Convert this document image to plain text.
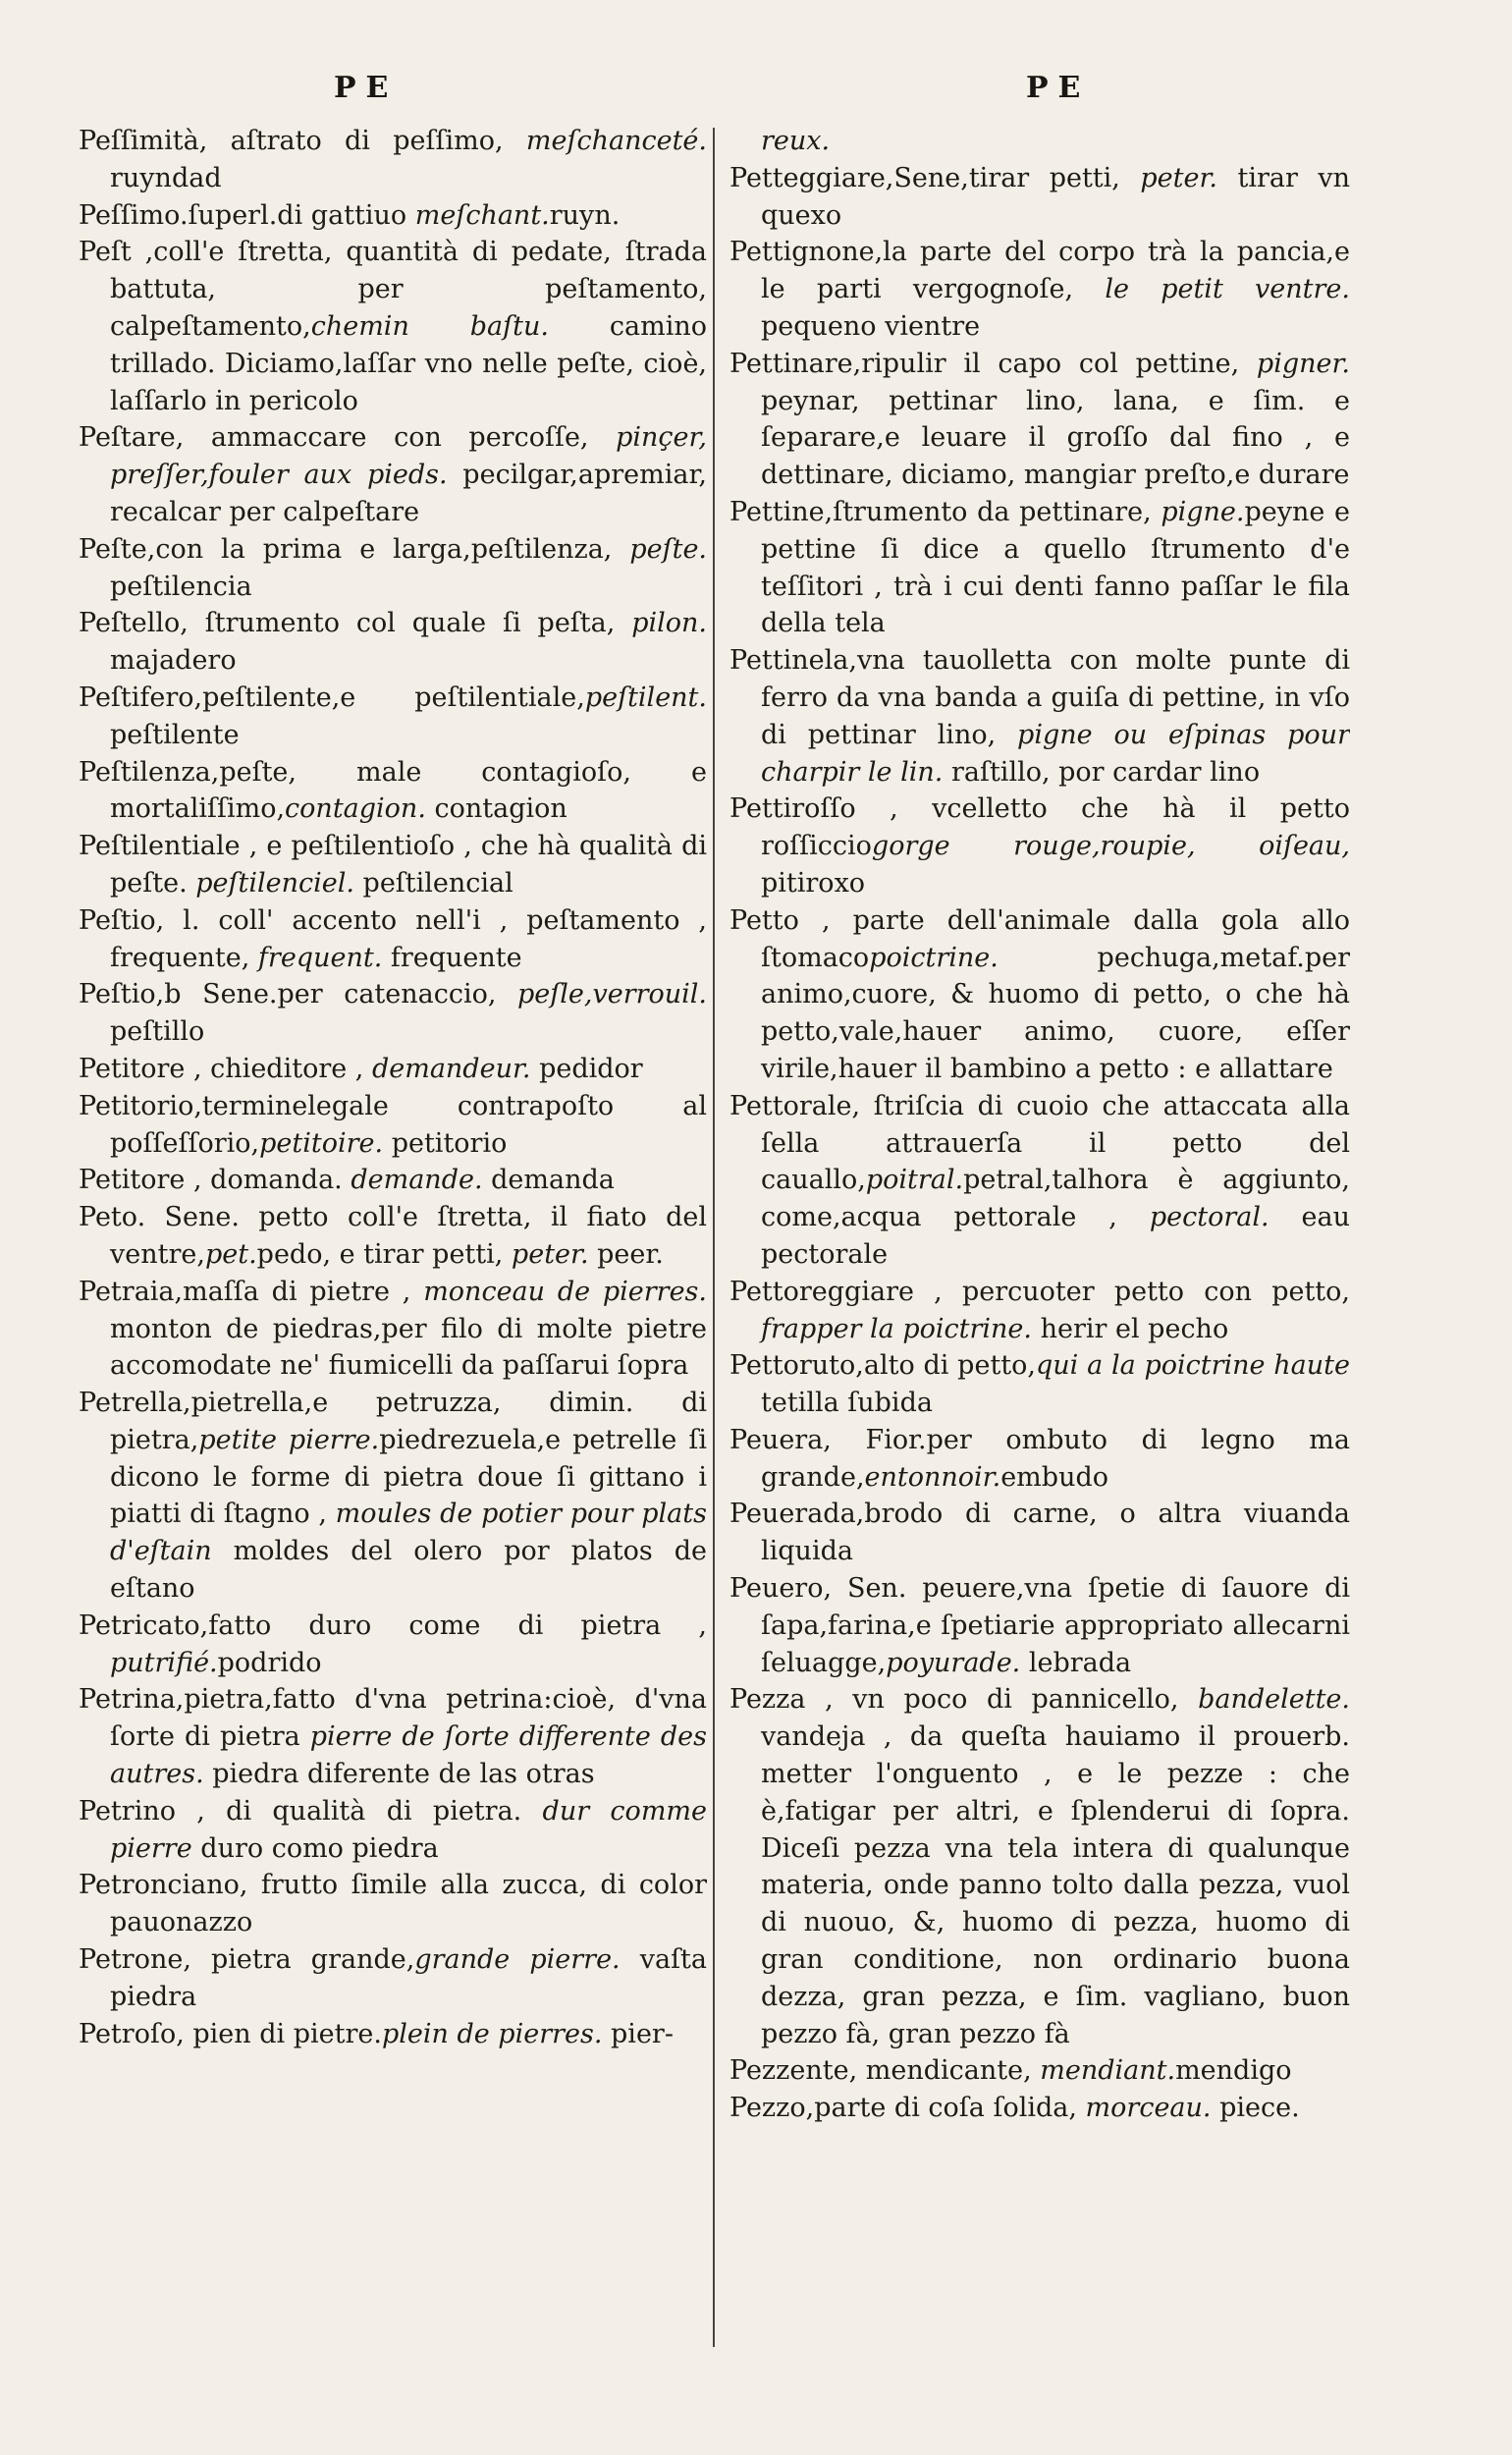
PE	PE

Peſſimità, aſtrato di peſſimo, meſchanceté. ruyndad

Peſſimo.ſuperl.di gattiuo meſchant.ruyn.

Peſt ,coll'e ſtretta, quantità di pedate, ſtrada battuta, per peſtamento, calpeſtamento,chemin baſtu. camino trillado. Diciamo,laſſar vno nelle peſte, cioè, laſſarlo in pericolo

Peſtare, ammaccare con percoſſe, pinçer, preſſer,fouler aux pieds. pecilgar,apremiar, recalcar per calpeſtare

Peſte,con la prima e larga,peſtilenza, peſte. peſtilencia

Peſtello, ſtrumento col quale ſi peſta, pilon. majadero

Peſtifero,peſtilente,e peſtilentiale,peſtilent. peſtilente

Peſtilenza,peſte, male contagioſo, e mortaliſſimo,contagion. contagion

Peſtilentiale , e peſtilentioſo , che hà qualità di peſte. peſtilenciel. peſtilencial

Peſtio, l. coll' accento nell'i , peſtamento , frequente, frequent. frequente

Peſtio,b Sene.per catenaccio, peſle,verrouil. peſtillo

Petitore , chieditore , demandeur. pedidor

Petitorio,terminelegale contrapoſto al poſſeſſorio,petitoire. petitorio

Petitore , domanda. demande. demanda

Peto. Sene. petto coll'e ſtretta, il fiato del ventre,pet.pedo, e tirar petti, peter. peer.

Petraia,maſſa di pietre , monceau de pierres. monton de piedras,per filo di molte pietre accomodate ne' fiumicelli da paſſarui ſopra

Petrella,pietrella,e petruzza, dimin. di pietra,petite pierre.piedrezuela,e petrelle ſi dicono le forme di pietra doue ſi gittano i piatti di ſtagno , moules de potier pour plats d'eſtain moldes del olero por platos de eſtano

Petricato,fatto duro come di pietra , putrifié.podrido

Petrina,pietra,fatto d'vna petrina:cioè, d'vna ſorte di pietra pierre de ſorte differente des autres. piedra diferente de las otras

Petrino , di qualità di pietra. dur comme pierre duro como piedra

Petronciano, frutto ſimile alla zucca, di color pauonazzo

Petrone, pietra grande,grande pierre. vaſta piedra

Petroſo, pien di pietre.plein de pierres. pier-

reux.

Petteggiare,Sene,tirar petti, peter. tirar vn quexo

Pettignone,la parte del corpo trà la pancia,e le parti vergognoſe, le petit ventre. pequeno vientre

Pettinare,ripulir il capo col pettine, pigner. peynar, pettinar lino, lana, e ſim. e ſeparare,e leuare il groſſo dal fino , e dettinare, diciamo, mangiar preſto,e durare

Pettine,ſtrumento da pettinare, pigne.peyne e pettine ſi dice a quello ſtrumento d'e teſſitori , trà i cui denti fanno paſſar le fila della tela

Pettinela,vna tauolletta con molte punte di ferro da vna banda a guiſa di pettine, in vſo di pettinar lino, pigne ou eſpinas pour charpir le lin. raſtillo, por cardar lino

Pettiroſſo , vcelletto che hà il petto roſſicciogorge rouge,roupie, oiſeau, pitiroxo

Petto , parte dell'animale dalla gola allo ſtomacopoictrine. pechuga,metaf.per animo,cuore, & huomo di petto, o che hà petto,vale,hauer animo, cuore, eſſer virile,hauer il bambino a petto : e allattare

Pettorale, ſtriſcia di cuoio che attaccata alla ſella attrauerſa il petto del cauallo,poitral.petral,talhora è aggiunto, come,acqua pettorale , pectoral. eau pectorale

Pettoreggiare , percuoter petto con petto, frapper la poictrine. herir el pecho

Pettoruto,alto di petto,qui a la poictrine haute tetilla ſubida

Peuera, Fior.per ombuto di legno ma grande,entonnoir.embudo

Peuerada,brodo di carne, o altra viuanda liquida

Peuero, Sen. peuere,vna ſpetie di ſauore di ſapa,farina,e ſpetiarie appropriato allecarni ſeluagge,poyurade. lebrada

Pezza , vn poco di pannicello, bandelette. vandeja , da queſta hauiamo il prouerb. metter l'onguento , e le pezze : che è,fatigar per altri, e ſplenderui di ſopra. Diceſi pezza vna tela intera di qualunque materia, onde panno tolto dalla pezza, vuol di nuouo, &, huomo di pezza, huomo di gran conditione, non ordinario buona dezza, gran pezza, e ſim. vagliano, buon pezzo fà, gran pezzo fà

Pezzente, mendicante, mendiant.mendigo

Pezzo,parte di coſa ſolida, morceau. piece.
